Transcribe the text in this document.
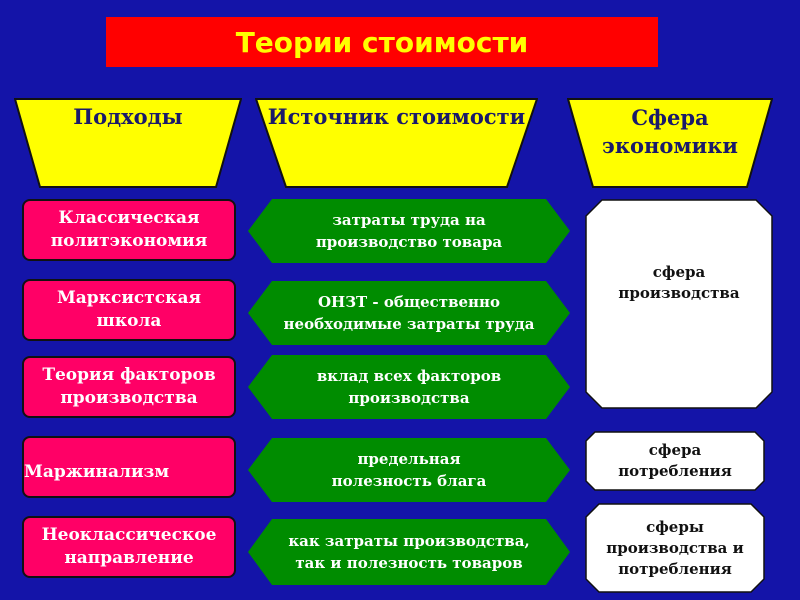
Теории стоимости
Подходы	Источник стоимости	Сфера
экономики
Классическая
политэкономия
Марксистская
школа
Теория факторов
производства
Маржинализм
Неоклассическое
направление
затраты труда на
производство товара
ОНЗТ - общественно
необходимые затраты труда
вклад всех факторов
производства
предельная
полезность блага
как затраты производства,
так и полезность товаров
сфера
производства
сфера
потребления
сферы
производства и
потребления
